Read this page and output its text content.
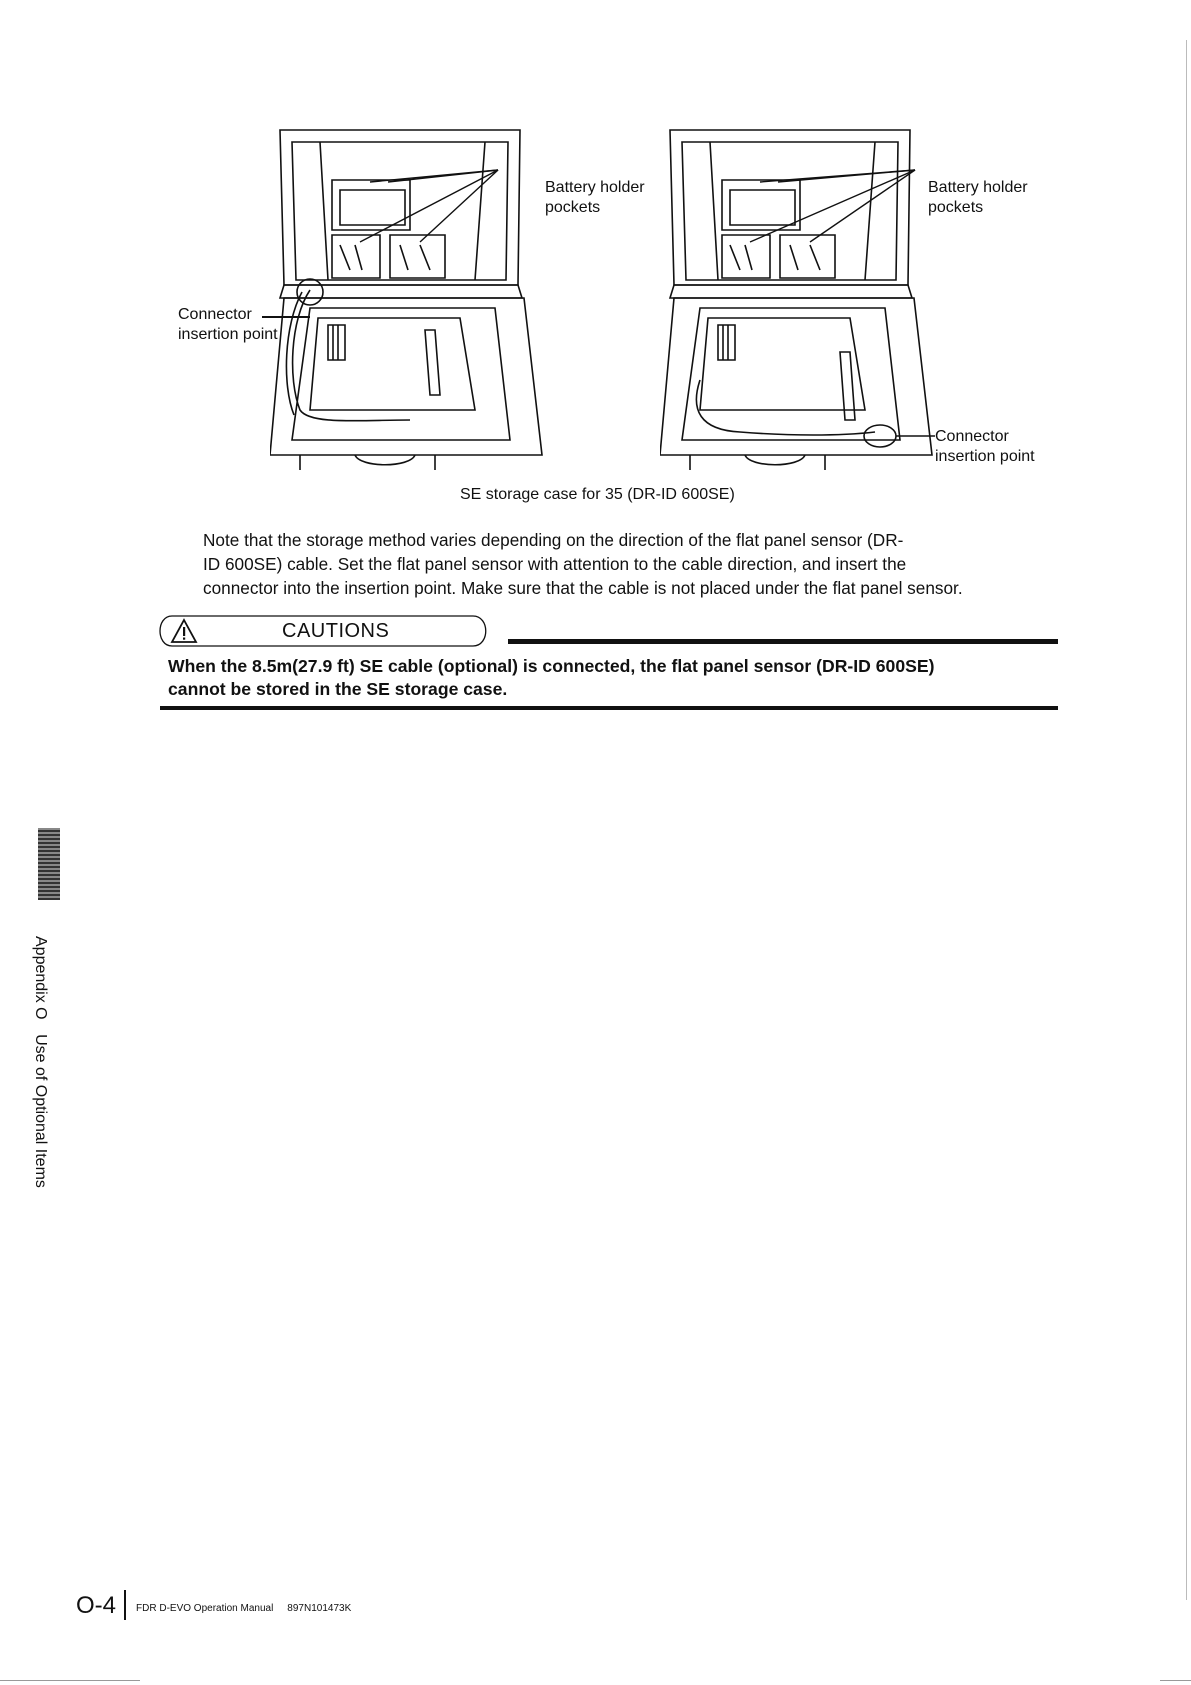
Battery holder
pockets
Connector
insertion point
Battery holder
pockets
Connector
insertion point
SE storage case for 35 (DR-ID 600SE)
Note that the storage method varies depending on the direction of the flat panel sensor (DR-
ID 600SE) cable. Set the flat panel sensor with attention to the cable direction, and insert the
connector into the insertion point. Make sure that the cable is not placed under the flat panel sensor.
CAUTIONS
When the 8.5m(27.9 ft) SE cable (optional) is connected, the flat panel sensor (DR-ID 600SE)
cannot be stored in the SE storage case.
Appendix O Use of Optional Items
O-4 FDR D-EVO Operation Manual 897N101473K
